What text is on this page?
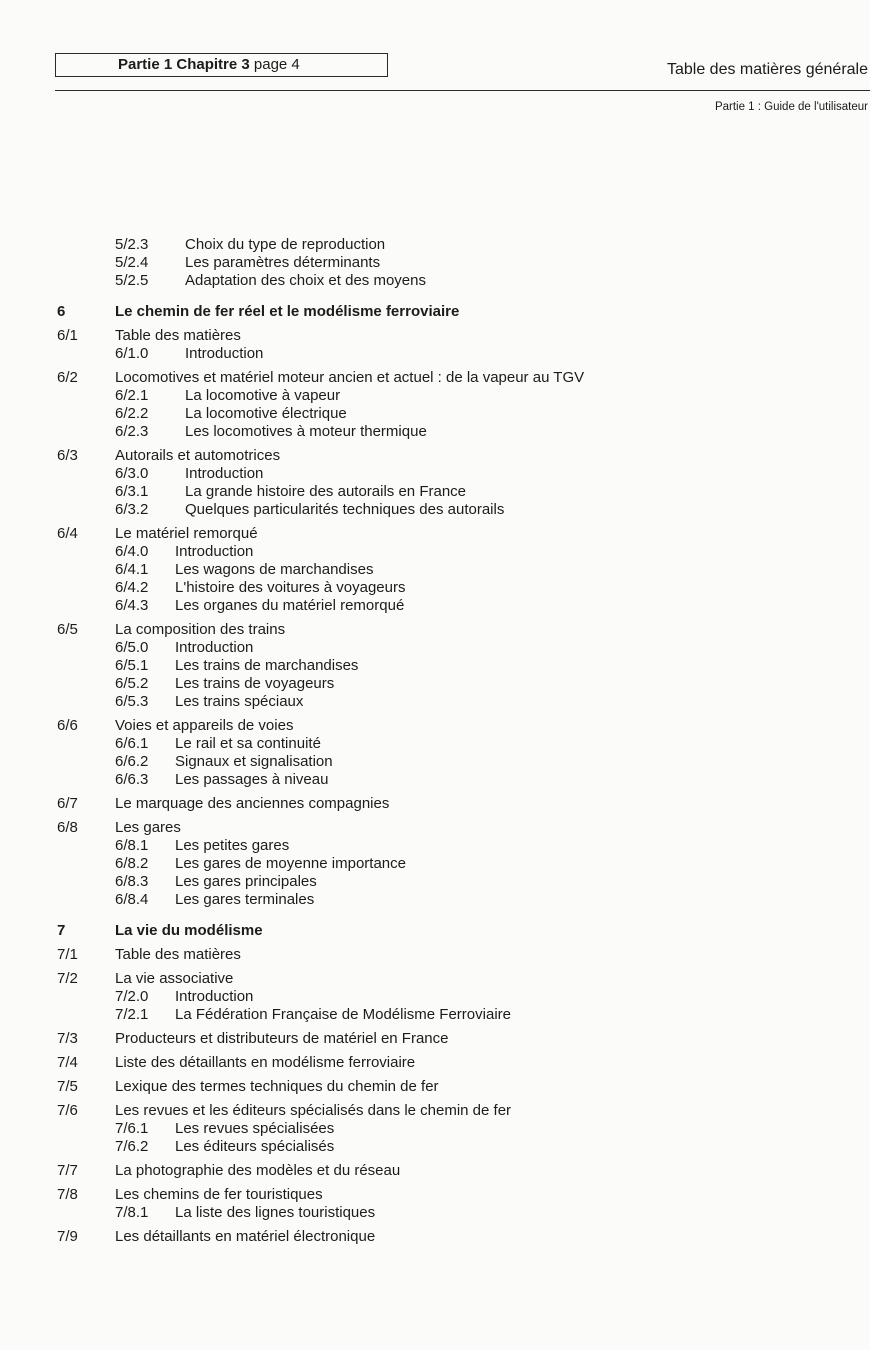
Partie 1 Chapitre 3 page 4	Table des matières générale
Partie 1 : Guide de l'utilisateur
5/2.3 Choix du type de reproduction
5/2.4 Les paramètres déterminants
5/2.5 Adaptation des choix et des moyens
6	Le chemin de fer réel et le modélisme ferroviaire
6/1 Table des matières
6/1.0 Introduction
6/2 Locomotives et matériel moteur ancien et actuel : de la vapeur au TGV
6/2.1 La locomotive à vapeur
6/2.2 La locomotive électrique
6/2.3 Les locomotives à moteur thermique
6/3 Autorails et automotrices
6/3.0 Introduction
6/3.1 La grande histoire des autorails en France
6/3.2 Quelques particularités techniques des autorails
6/4 Le matériel remorqué
6/4.0 Introduction
6/4.1 Les wagons de marchandises
6/4.2 L'histoire des voitures à voyageurs
6/4.3 Les organes du matériel remorqué
6/5 La composition des trains
6/5.0 Introduction
6/5.1 Les trains de marchandises
6/5.2 Les trains de voyageurs
6/5.3 Les trains spéciaux
6/6 Voies et appareils de voies
6/6.1 Le rail et sa continuité
6/6.2 Signaux et signalisation
6/6.3 Les passages à niveau
6/7 Le marquage des anciennes compagnies
6/8 Les gares
6/8.1 Les petites gares
6/8.2 Les gares de moyenne importance
6/8.3 Les gares principales
6/8.4 Les gares terminales
7	La vie du modélisme
7/1 Table des matières
7/2 La vie associative
7/2.0 Introduction
7/2.1 La Fédération Française de Modélisme Ferroviaire
7/3 Producteurs et distributeurs de matériel en France
7/4 Liste des détaillants en modélisme ferroviaire
7/5 Lexique des termes techniques du chemin de fer
7/6 Les revues et les éditeurs spécialisés dans le chemin de fer
7/6.1 Les revues spécialisées
7/6.2 Les éditeurs spécialisés
7/7 La photographie des modèles et du réseau
7/8 Les chemins de fer touristiques
7/8.1 La liste des lignes touristiques
7/9 Les détaillants en matériel électronique
